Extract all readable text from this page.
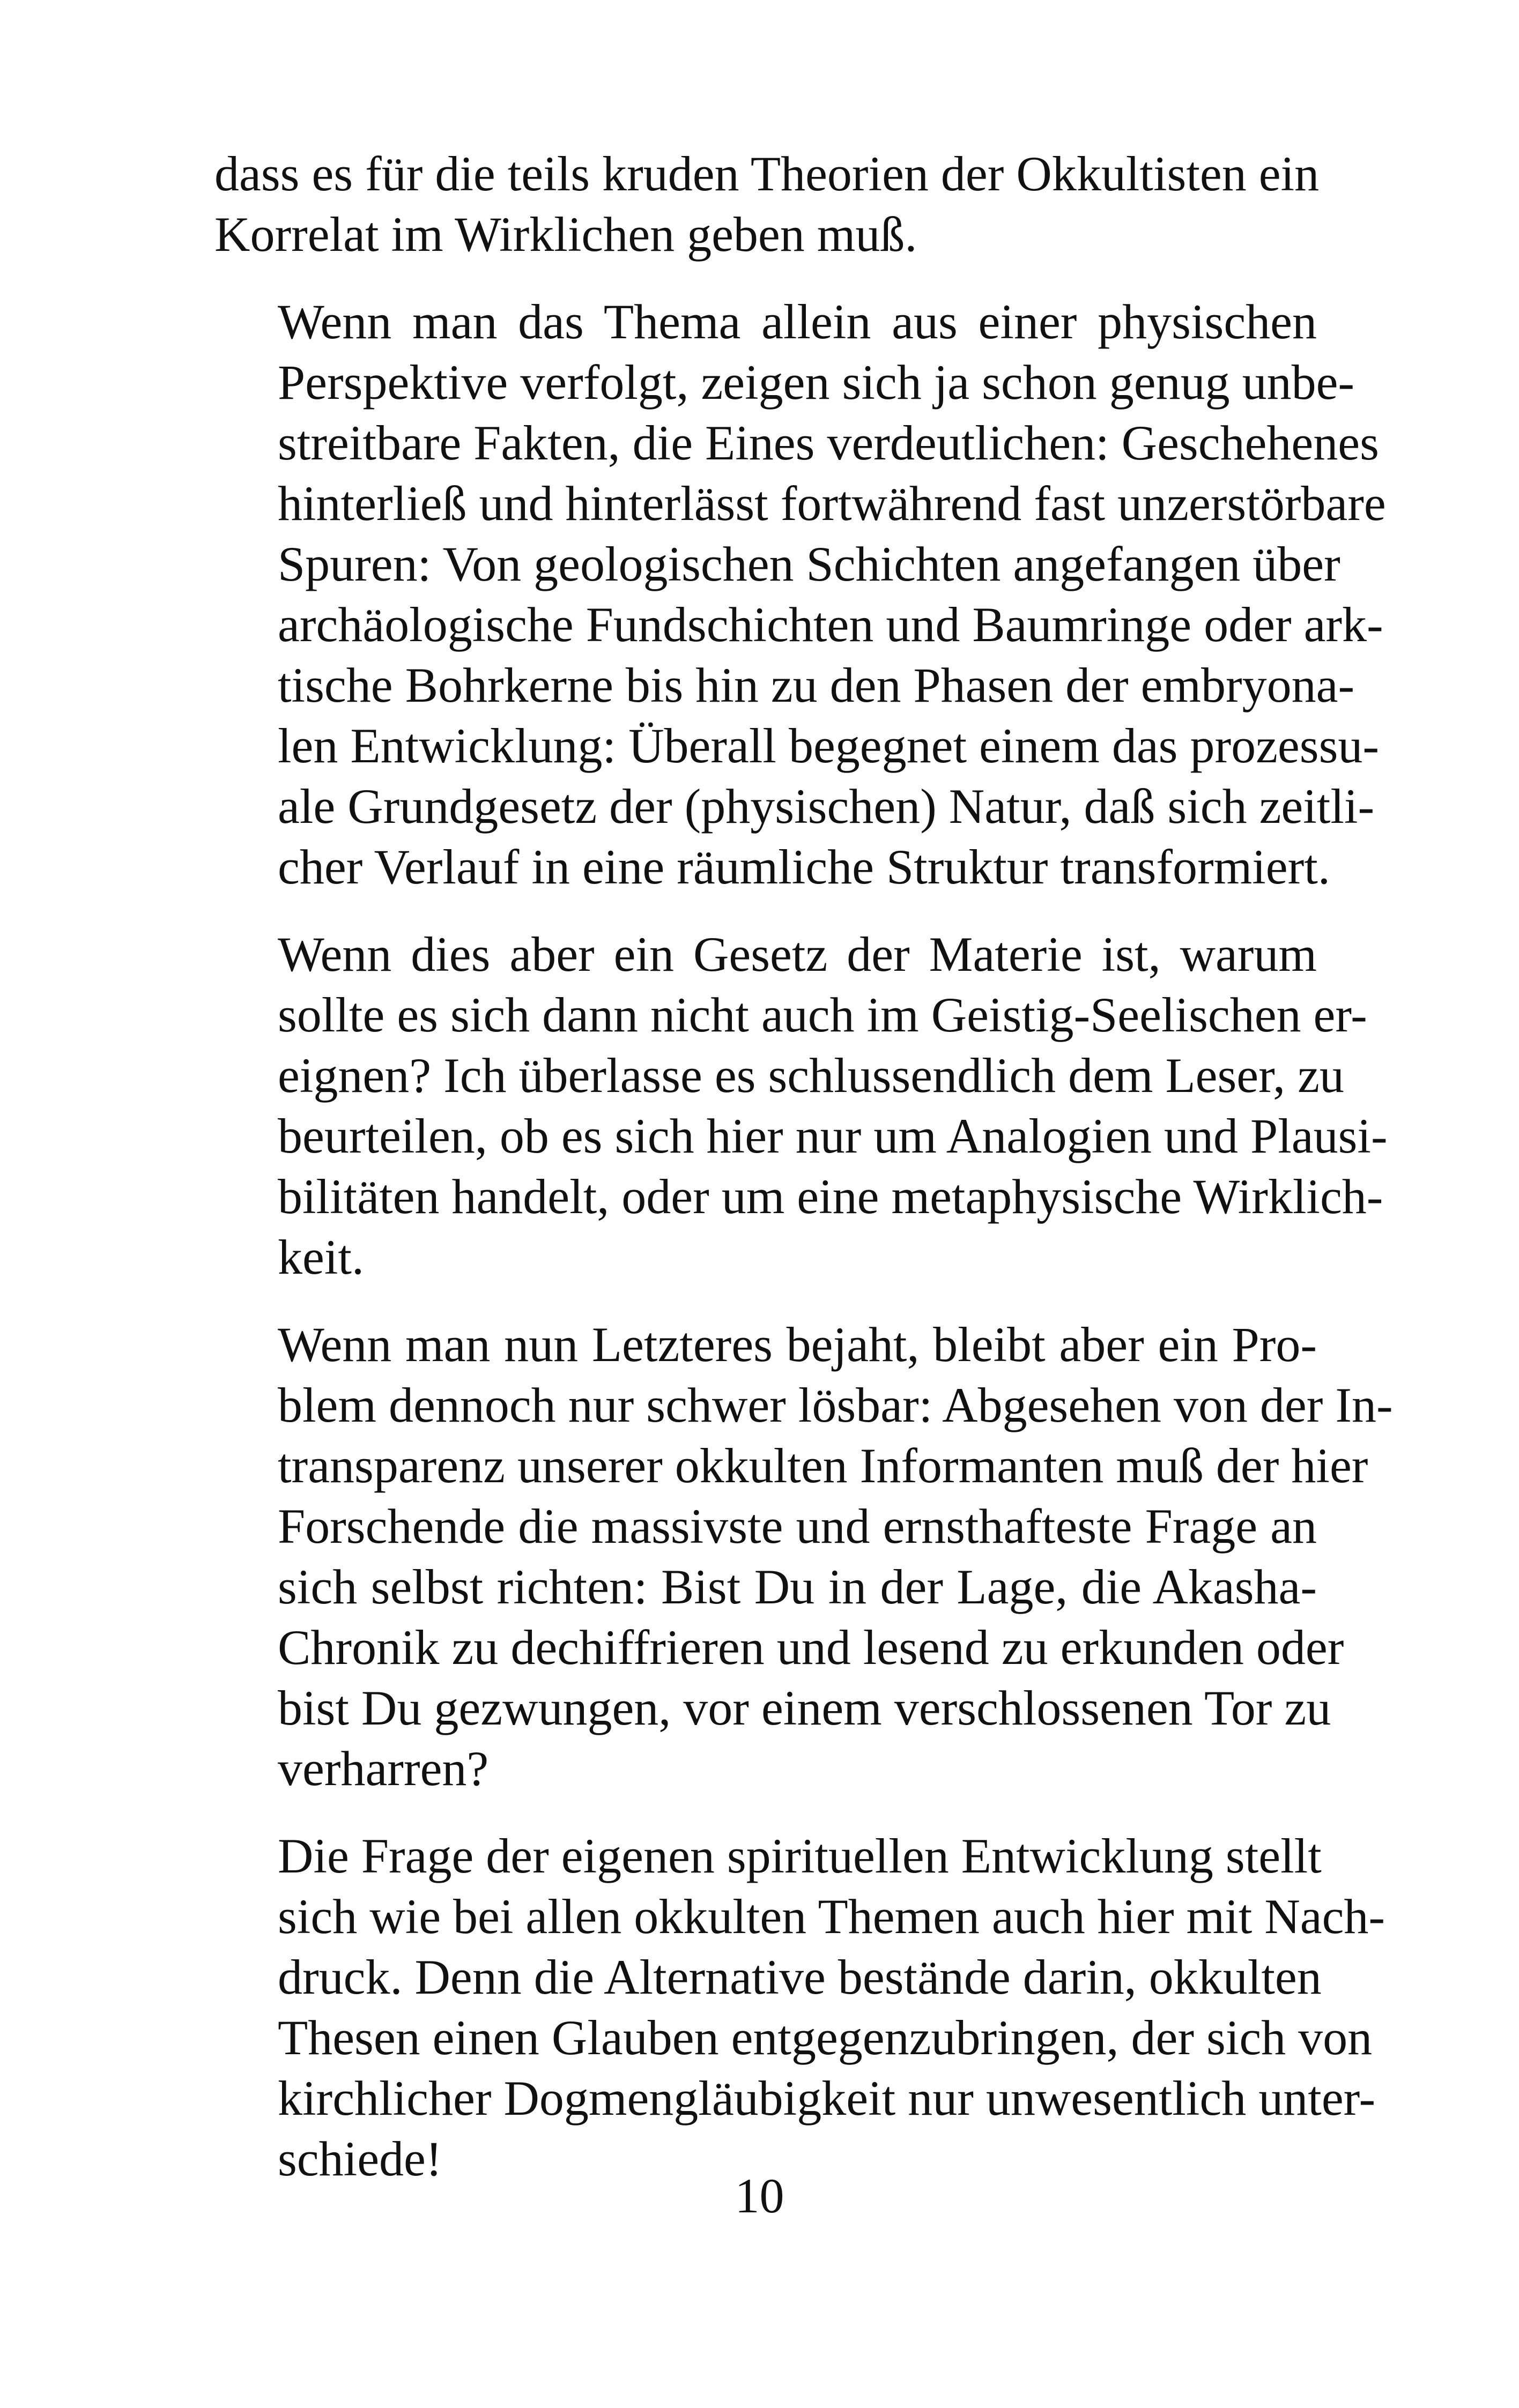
dass es für die teils kruden Theorien der Okkultisten ein
Korrelat im Wirklichen geben muß.

Wenn man das Thema allein aus einer physischen
Perspektive verfolgt, zeigen sich ja schon genug unbe-
streitbare Fakten, die Eines verdeutlichen: Geschehenes
hinterließ und hinterlässt fortwährend fast unzerstörbare
Spuren: Von geologischen Schichten angefangen über
archäologische Fundschichten und Baumringe oder ark-
tische Bohrkerne bis hin zu den Phasen der embryona-
len Entwicklung: Überall begegnet einem das prozessu-
ale Grundgesetz der (physischen) Natur, daß sich zeitli-
cher Verlauf in eine räumliche Struktur transformiert.

Wenn dies aber ein Gesetz der Materie ist, warum
sollte es sich dann nicht auch im Geistig-Seelischen er-
eignen? Ich überlasse es schlussendlich dem Leser, zu
beurteilen, ob es sich hier nur um Analogien und Plausi-
bilitäten handelt, oder um eine metaphysische Wirklich-
keit.

Wenn man nun Letzteres bejaht, bleibt aber ein Pro-
blem dennoch nur schwer lösbar: Abgesehen von der In-
transparenz unserer okkulten Informanten muß der hier
Forschende die massivste und ernsthafteste Frage an
sich selbst richten: Bist Du in der Lage, die Akasha-
Chronik zu dechiffrieren und lesend zu erkunden oder
bist Du gezwungen, vor einem verschlossenen Tor zu
verharren?

Die Frage der eigenen spirituellen Entwicklung stellt
sich wie bei allen okkulten Themen auch hier mit Nach-
druck. Denn die Alternative bestände darin, okkulten
Thesen einen Glauben entgegenzubringen, der sich von
kirchlicher Dogmengläubigkeit nur unwesentlich unter-
schiede!

10
